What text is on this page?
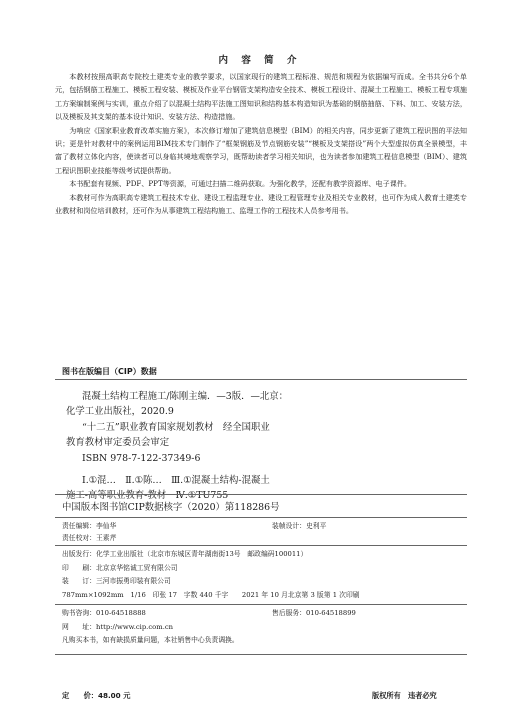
内 容 简 介

本教材按照高职高专院校土建类专业的教学要求，以国家现行的建筑工程标准、规范和规程为依据编写而成。全书共分6个单元，包括钢筋工程施工、模板工程安装、模板及作业平台钢管支架构造安全技术、模板工程设计、混凝土工程施工、模板工程专项施工方案编制案例与实训，重点介绍了以混凝土结构平法施工图知识和结构基本构造知识为基础的钢筋抽筋、下料、加工、安装方法，以及模板及其支架的基本设计知识、安装方法、构造措施。

为响应《国家职业教育改革实施方案》，本次修订增加了建筑信息模型（BIM）的相关内容，同步更新了建筑工程识图的平法知识；更是针对教材中的案例运用BIM技术专门制作了“框架钢筋及节点钢筋安装”“模板及支架搭设”两个大型虚拟仿真全景模型，丰富了教材立体化内容，使读者可以身临其境地观察学习，既帮助读者学习相关知识，也为读者参加建筑工程信息模型（BIM）、建筑工程识图职业技能等级考试提供帮助。

本书配套有视频、PDF、PPT等资源，可通过扫描二维码获取。为强化教学，还配有教学资源库、电子课件。

本教材可作为高职高专建筑工程技术专业、建设工程监理专业、建设工程管理专业及相关专业教材，也可作为成人教育土建类专业教材和岗位培训教材，还可作为从事建筑工程结构施工、监理工作的工程技术人员参考用书。

图书在版编目（CIP）数据
混凝土结构工程施工/陈刚主编．—3版．—北京：
化学工业出版社，2020.9
“十二五”职业教育国家规划教材　经全国职业
教育教材审定委员会审定
ISBN 978-7-122-37349-6
Ⅰ.①混…　Ⅱ.①陈…　Ⅲ.①混凝土结构-混凝土
施工-高等职业教育-教材　Ⅳ.①TU755
中国版本图书馆CIP数据核字（2020）第118286号
责任编辑：李仙华
责任校对：王素芹
装帧设计：史利平
出版发行：化学工业出版社（北京市东城区青年湖南街13号　邮政编码100011）
印　　刷：北京京华铭诚工贸有限公司
装　　订：三河市振勇印装有限公司
787mm×1092mm　1/16　印张 17　字数 440 千字　　2021 年 10 月北京第 3 版第 1 次印刷
购书咨询：010-64518888	售后服务：010-64518899
网　　址：http://www.cip.com.cn
凡购买本书，如有缺损质量问题，本社销售中心负责调换。
定　　价：48.00 元	版权所有　违者必究
